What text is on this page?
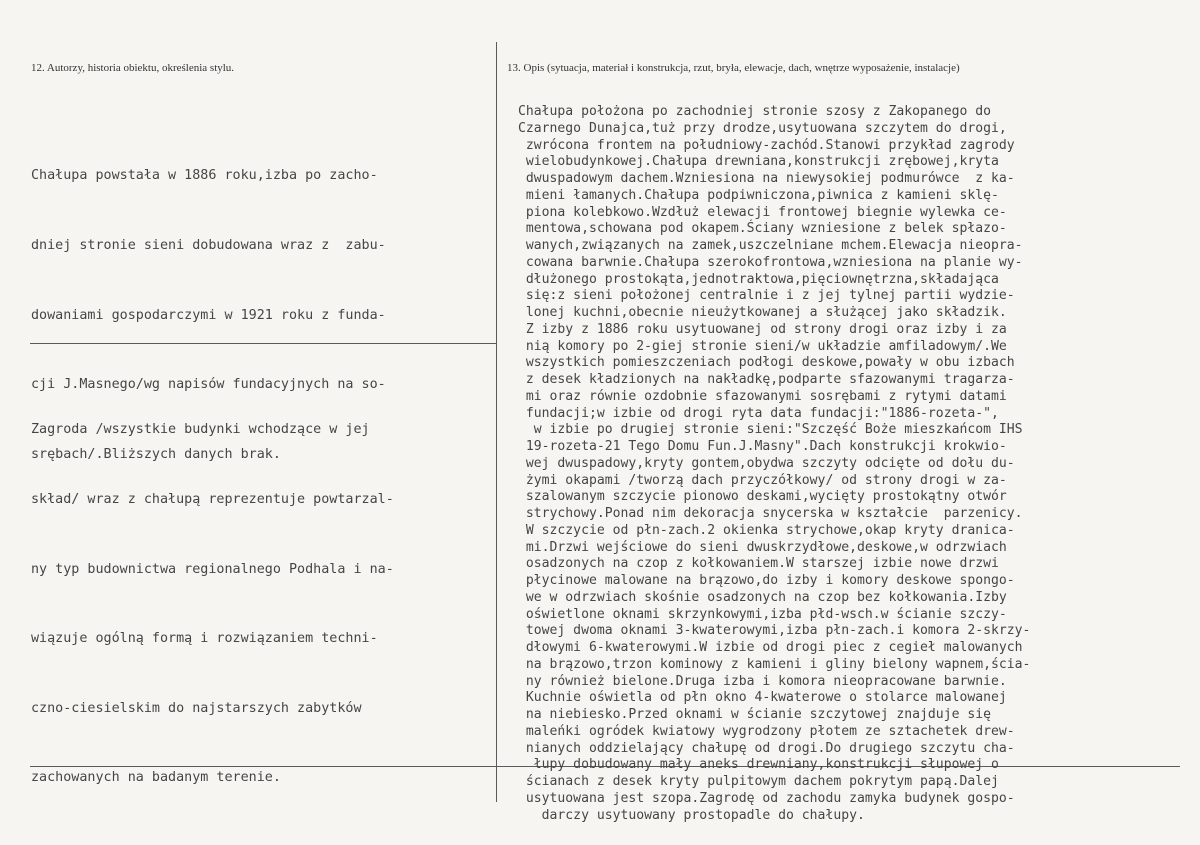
12. Autorzy, historia obiektu, określenia stylu.	13. Opis (sytuacja, materiał i konstrukcja, rzut, bryła, elewacje, dach, wnętrze wyposażenie, instalacje)

Chałupa powstała w 1886 roku,izba po zacho-

dniej stronie sieni dobudowana wraz z  zabu-

dowaniami gospodarczymi w 1921 roku z funda-

cji J.Masnego/wg napisów fundacyjnych na so-

srębach/.Bliższych danych brak.

Zagroda /wszystkie budynki wchodzące w jej

skład/ wraz z chałupą reprezentuje powtarzal-

ny typ budownictwa regionalnego Podhala i na-

wiązuje ogólną formą i rozwiązaniem techni-

czno-ciesielskim do najstarszych zabytków

zachowanych na badanym terenie.

Chałupa położona po zachodniej stronie szosy z Zakopanego do
Czarnego Dunajca,tuż przy drodze,usytuowana szczytem do drogi,
zwrócona frontem na południowy-zachód.Stanowi przykład zagrody
wielobudynkowej.Chałupa drewniana,konstrukcji zrębowej,kryta
dwuspadowym dachem.Wzniesiona na niewysokiej podmurówce  z ka-
mieni łamanych.Chałupa podpiwniczona,piwnica z kamieni sklę-
piona kolebkowo.Wzdłuż elewacji frontowej biegnie wylewka ce-
mentowa,schowana pod okapem.Ściany wzniesione z belek spłazo-
wanych,związanych na zamek,uszczelniane mchem.Elewacja nieopra-
cowana barwnie.Chałupa szerokofrontowa,wzniesiona na planie wy-
dłużonego prostokąta,jednotraktowa,pięciownętrzna,składająca
się:z sieni położonej centralnie i z jej tylnej partii wydzie-
lonej kuchni,obecnie nieużytkowanej a służącej jako składzik.
Z izby z 1886 roku usytuowanej od strony drogi oraz izby i za
nią komory po 2-giej stronie sieni/w układzie amfiladowym/.We
wszystkich pomieszczeniach podłogi deskowe,powały w obu izbach
z desek kładzionych na nakładkę,podparte sfazowanymi tragarza-
mi oraz równie ozdobnie sfazowanymi sosrębami z rytymi datami
fundacji;w izbie od drogi ryta data fundacji:"1886-rozeta-",
w izbie po drugiej stronie sieni:"Szczęść Boże mieszkańcom IHS
19-rozeta-21 Tego Domu Fun.J.Masny".Dach konstrukcji krokwio-
wej dwuspadowy,kryty gontem,obydwa szczyty odcięte od dołu du-
żymi okapami /tworzą dach przyczółkowy/ od strony drogi w za-
szalowanym szczycie pionowo deskami,wycięty prostokątny otwór
strychowy.Ponad nim dekoracja snycerska w kształcie  parzenicy.
W szczycie od płn-zach.2 okienka strychowe,okap kryty dranica-
mi.Drzwi wejściowe do sieni dwuskrzydłowe,deskowe,w odrzwiach
osadzonych na czop z kołkowaniem.W starszej izbie nowe drzwi
płycinowe malowane na brązowo,do izby i komory deskowe spongo-
we w odrzwiach skośnie osadzonych na czop bez kołkowania.Izby
oświetlone oknami skrzynkowymi,izba płd-wsch.w ścianie szczy-
towej dwoma oknami 3-kwaterowymi,izba płn-zach.i komora 2-skrzy-
dłowymi 6-kwaterowymi.W izbie od drogi piec z cegieł malowanych
na brązowo,trzon kominowy z kamieni i gliny bielony wapnem,ścia-
ny również bielone.Druga izba i komora nieopracowane barwnie.
Kuchnie oświetla od płn okno 4-kwaterowe o stolarce malowanej
na niebiesko.Przed oknami w ścianie szczytowej znajduje się
maleńki ogródek kwiatowy wygrodzony płotem ze sztachetek drew-
nianych oddzielający chałupę od drogi.Do drugiego szczytu cha-
łupy dobudowany mały aneks drewniany,konstrukcji słupowej o
ścianach z desek kryty pulpitowym dachem pokrytym papą.Dalej
usytuowana jest szopa.Zagrodę od zachodu zamyka budynek gospo-
darczy usytuowany prostopadle do chałupy.
